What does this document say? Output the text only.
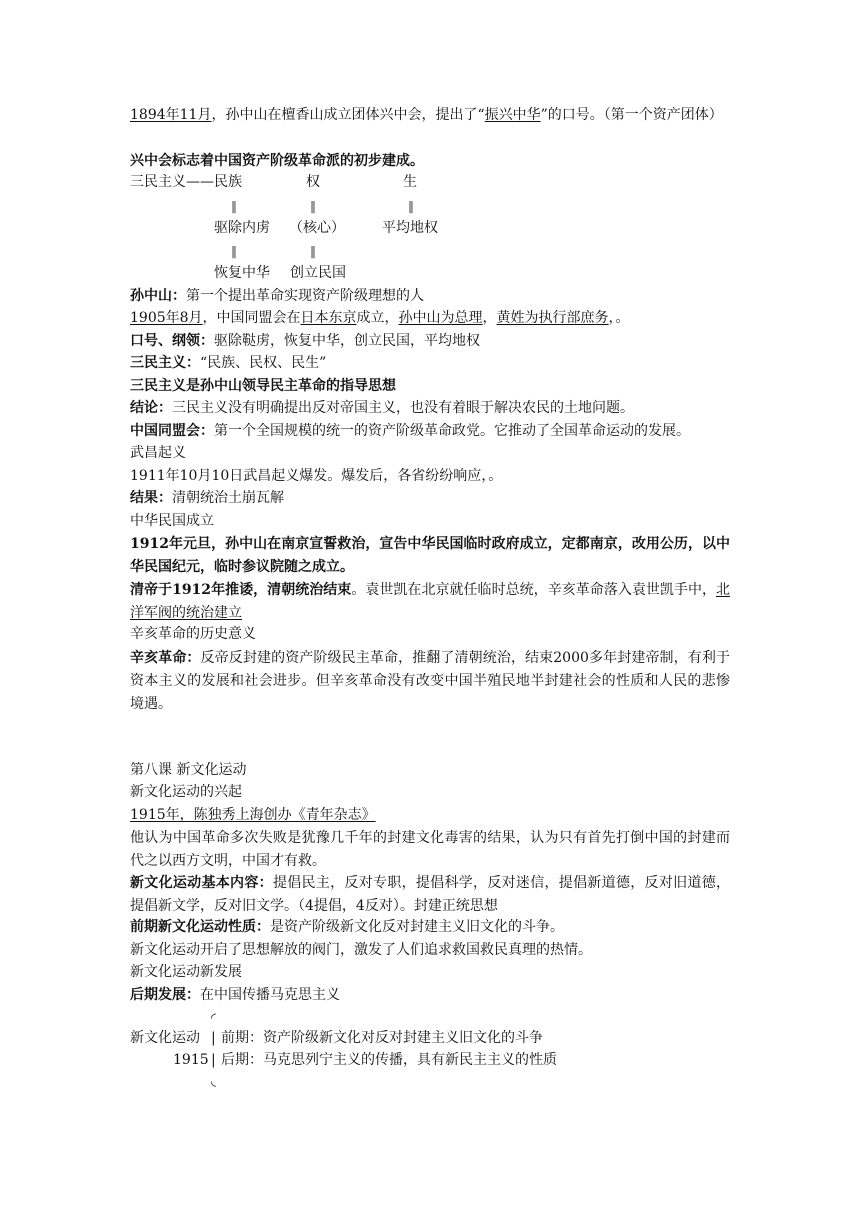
1894年11月，孙中山在檀香山成立团体兴中会，提出了“振兴中华”的口号。（第一个资产团体）
兴中会标志着中国资产阶级革命派的初步建成。
三民主义——民族	权	生
‖	‖	‖
驱除内虏 （核心）	平均地权
‖	‖
恢复中华 创立民国
孙中山：第一个提出革命实现资产阶级理想的人
1905年8月，中国同盟会在日本东京成立，孙中山为总理，黄姓为执行部庶务，。
口号、纲领：驱除鞑虏，恢复中华，创立民国，平均地权
三民主义：“民族、民权、民生”
三民主义是孙中山领导民主革命的指导思想
结论：三民主义没有明确提出反对帝国主义，也没有着眼于解决农民的土地问题。
中国同盟会：第一个全国规模的统一的资产阶级革命政党。它推动了全国革命运动的发展。
武昌起义
1911年10月10日武昌起义爆发。爆发后，各省纷纷响应，。
结果：清朝统治土崩瓦解
中华民国成立
1912年元旦，孙中山在南京宣誓救治，宣告中华民国临时政府成立，定都南京，改用公历，以中华民国纪元，临时参议院随之成立。
清帝于1912年推诿，清朝统治结束。袁世凯在北京就任临时总统，辛亥革命落入袁世凯手中，北洋军阀的统治建立
辛亥革命的历史意义
辛亥革命：反帝反封建的资产阶级民主革命，推翻了清朝统治，结束2000多年封建帝制，有利于资本主义的发展和社会进步。但辛亥革命没有改变中国半殖民地半封建社会的性质和人民的悲惨境遇。
第八课 新文化运动
新文化运动的兴起
1915年，陈独秀上海创办《青年杂志》
他认为中国革命多次失败是犹豫几千年的封建文化毒害的结果，认为只有首先打倒中国的封建而代之以西方文明，中国才有救。
新文化运动基本内容：提倡民主，反对专职，提倡科学，反对迷信，提倡新道德，反对旧道德，提倡新文学，反对旧文学。（4提倡，4反对）。封建正统思想
前期新文化运动性质：是资产阶级新文化反对封建主义旧文化的斗争。
新文化运动开启了思想解放的阀门，激发了人们追求救国救民真理的热情。
新文化运动新发展
后期发展：在中国传播马克思主义
◜
新文化运动 | 前期：资产阶级新文化对反对封建主义旧文化的斗争
1915 | 后期：马克思列宁主义的传播，具有新民主主义的性质
◟
